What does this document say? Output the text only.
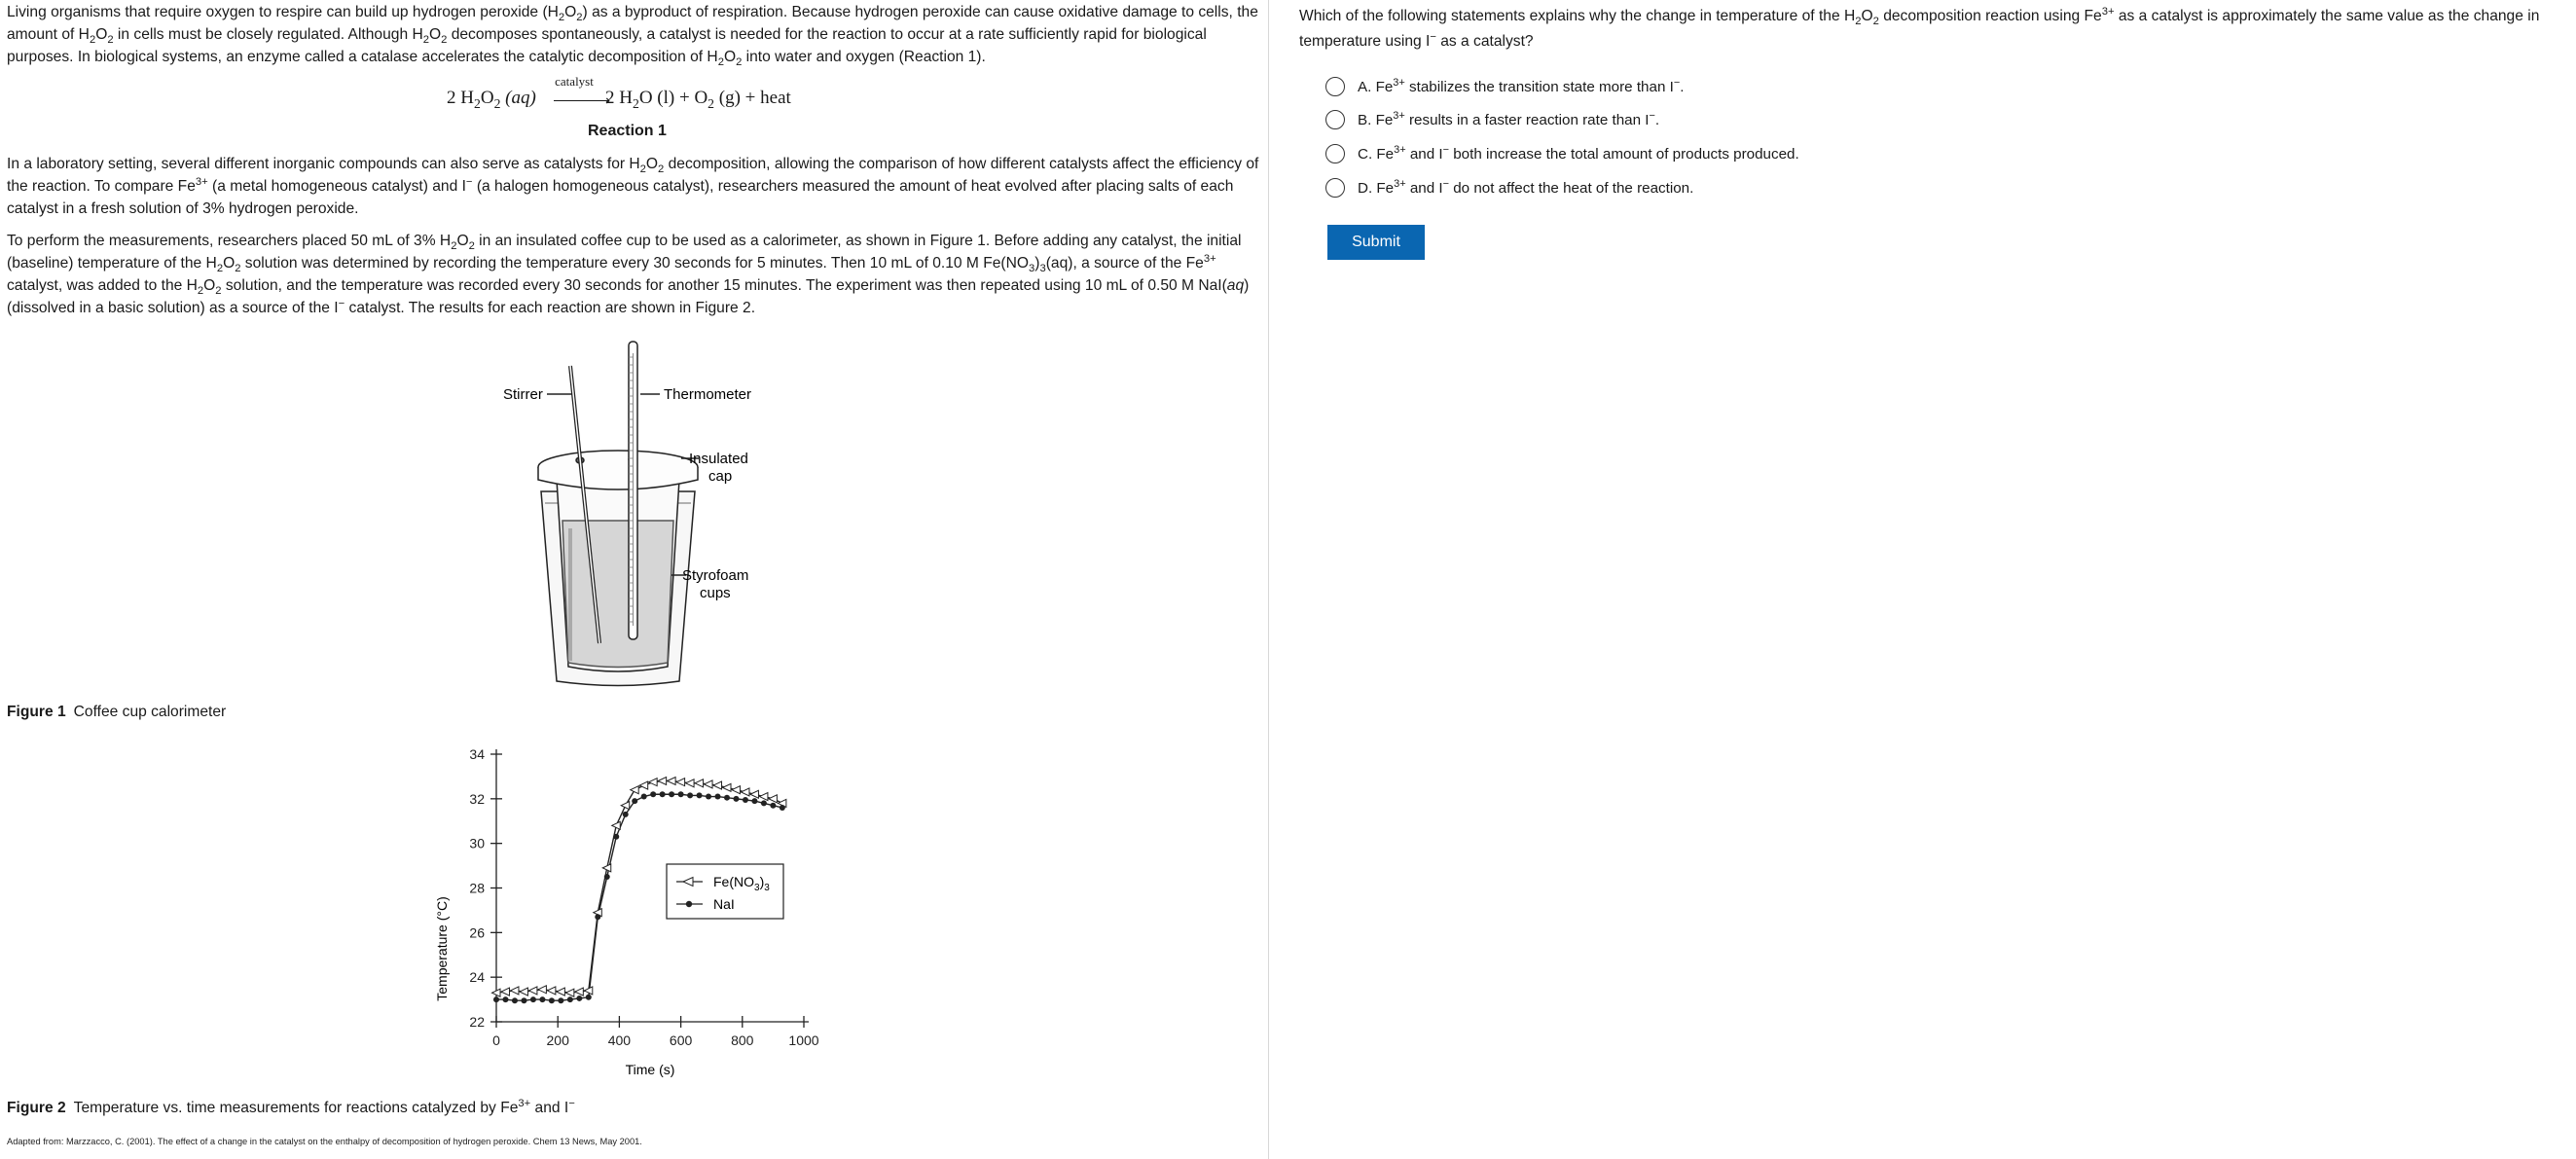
Living organisms that require oxygen to respire can build up hydrogen peroxide $(H_2O_2)$ as a byproduct of respiration. Because hydrogen peroxide can cause oxidative damage to cells, the amount of $H_2O_2$ in cells must be closely regulated. Although $H_2O_2$ decomposes spontaneously, a catalyst is needed for the reaction to occur at a rate sufficiently rapid for biological purposes. In biological systems, an enzyme called a catalase accelerates the catalytic decomposition of $H_2O_2$ into water and oxygen (Reaction 1).

2 $H_2O_2$ (aq)
catalyst
⟶
2 $H_2O$ $(l) + O_2$ (g) + heat
Reaction 1

In a laboratory setting, several different inorganic compounds can also serve as catalysts for $H_2O_2$ decomposition, allowing the comparison of how different catalysts affect the efficiency of the reaction. To compare $Fe^{3+}$ (a metal homogeneous catalyst) and I− (a halogen homogeneous catalyst), researchers measured the amount of heat evolved after placing salts of each catalyst in a fresh solution of 3% hydrogen peroxide.

To perform the measurements, researchers placed 50 mL of 3% $H_2O_2$ in an insulated coffee cup to be used as a calorimeter, as shown in Figure 1. Before adding any catalyst, the initial (baseline) temperature of the $H_2O_2$ solution was determined by recording the temperature every 30 seconds for 5 minutes. Then 10 mL of 0.10 M $Fe(NO_3)_3(aq)$, a source of the $Fe^{3+}$ catalyst, was added to the $H_2O_2$ solution, and the temperature was recorded every 30 seconds for another 15 minutes. The experiment was then repeated using 10 mL of 0.50 M NaI(aq) (dissolved in a basic solution) as a source of the I− catalyst. The results for each reaction are shown in Figure 2.

Stirrer	Thermometer
Insulated
cap
Styrofoam
cups
Figure 1 Coffee cup calorimeter
0	200	400	600	800	1000
22
24
26
28
30
32
34
Time (s)
Temperature (°C)
$Fe(NO_3)_3$
NaI
Figure 2 Temperature vs. time measurements for reactions catalyzed by $Fe^{3+}$ and I−
Adapted from: Marzzacco, C. (2001). The effect of a change in the catalyst on the enthalpy of decomposition of hydrogen peroxide. Chem 13 News, May 2001.

Which of the following statements explains why the change in temperature of the $H_2O_2$ decomposition reaction using $Fe^{3+}$ as a catalyst is approximately the same value as the change in temperature using I− as a catalyst?

A. $Fe^{3+}$ stabilizes the transition state more than I−.
B. $Fe^{3+}$ results in a faster reaction rate than I−.
C. $Fe^{3+}$ and I− both increase the total amount of products produced.
D. $Fe^{3+}$ and I− do not affect the heat of the reaction.
Submit
